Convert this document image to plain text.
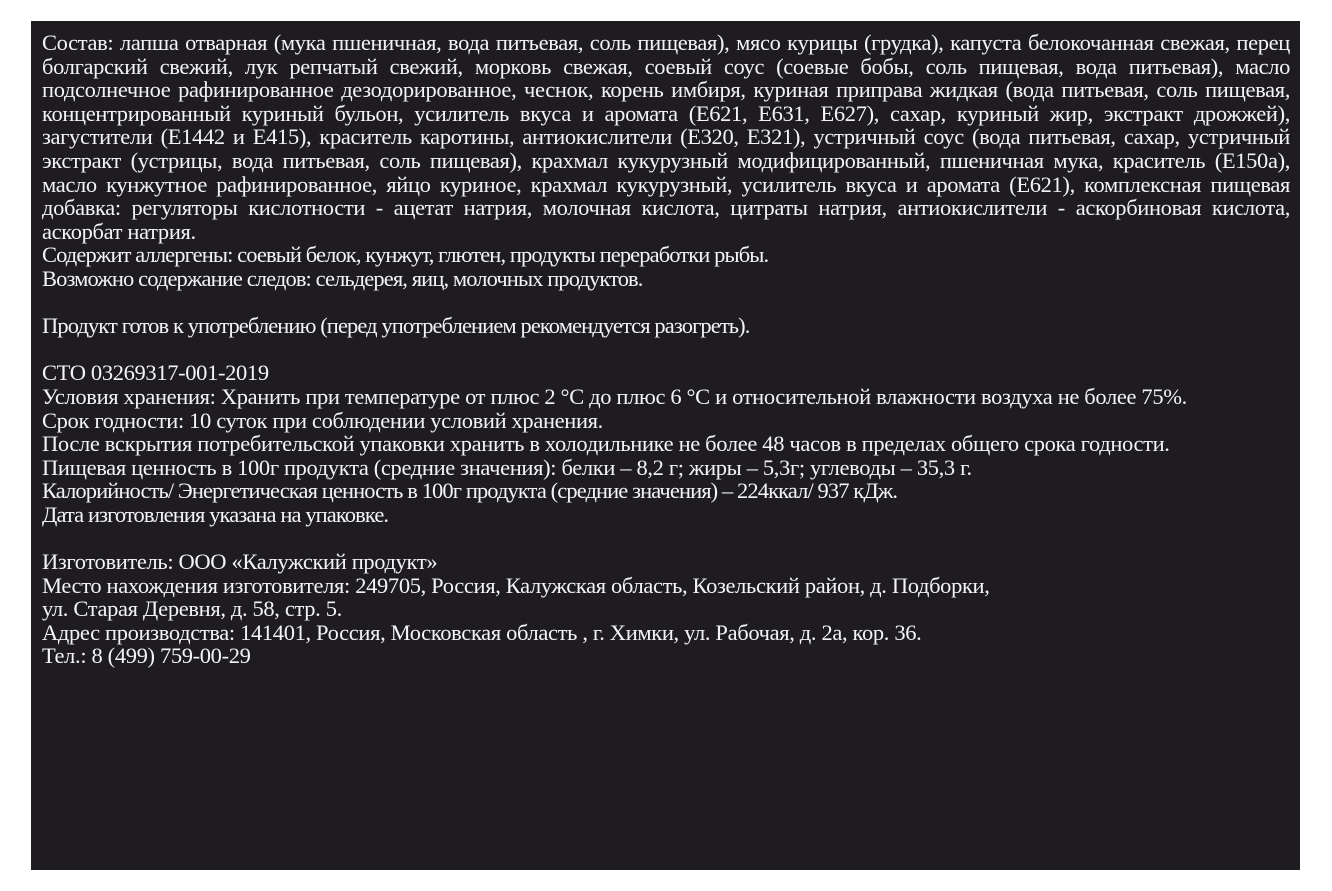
Состав: лапша отварная (мука пшеничная, вода питьевая, соль пищевая), мясо курицы (грудка), капуста белокочанная свежая, перец болгарский свежий, лук репчатый свежий, морковь свежая, соевый соус (соевые бобы, соль пищевая, вода питьевая), масло подсолнечное рафинированное дезодорированное, чеснок, корень имбиря, куриная приправа жидкая (вода питьевая, соль пищевая, концентрированный куриный бульон, усилитель вкуса и аромата (Е621, Е631, Е627), сахар, куриный жир, экстракт дрожжей), загустители (Е1442 и Е415), краситель каротины, антиокислители (Е320, Е321), устричный соус (вода питьевая, сахар, устричный экстракт (устрицы, вода питьевая, соль пищевая), крахмал кукурузный модифицированный, пшеничная мука, краситель (Е150а), масло кунжутное рафинированное, яйцо куриное, крахмал кукурузный, усилитель вкуса и аромата (Е621), комплексная пищевая добавка: регуляторы кислотности - ацетат натрия, молочная кислота, цитраты натрия, антиокислители - аскорбиновая кислота, аскорбат натрия.

Содержит аллергены: соевый белок, кунжут, глютен, продукты переработки рыбы.

Возможно содержание следов: сельдерея, яиц, молочных продуктов.

Продукт готов к употреблению (перед употреблением рекомендуется разогреть).

СТО 03269317-001-2019

Условия хранения: Хранить при температуре от плюс 2 °С до плюс 6 °С и относительной влажности воздуха не более 75%.

Срок годности: 10 суток при соблюдении условий хранения.

После вскрытия потребительской упаковки хранить в холодильнике не более 48 часов в пределах общего срока годности.

Пищевая ценность в 100г продукта (средние значения): белки – 8,2 г; жиры – 5,3г; углеводы – 35,3 г.

Калорийность/ Энергетическая ценность в 100г продукта (средние значения) – 224ккал/ 937 кДж.

Дата изготовления указана на упаковке.

Изготовитель: ООО «Калужский продукт»

Место нахождения изготовителя: 249705, Россия, Калужская область, Козельский район, д. Подборки,

ул. Старая Деревня, д. 58, стр. 5.

Адрес производства: 141401, Россия, Московская область , г. Химки, ул. Рабочая, д. 2а, кор. 36.

Тел.: 8 (499) 759-00-29
